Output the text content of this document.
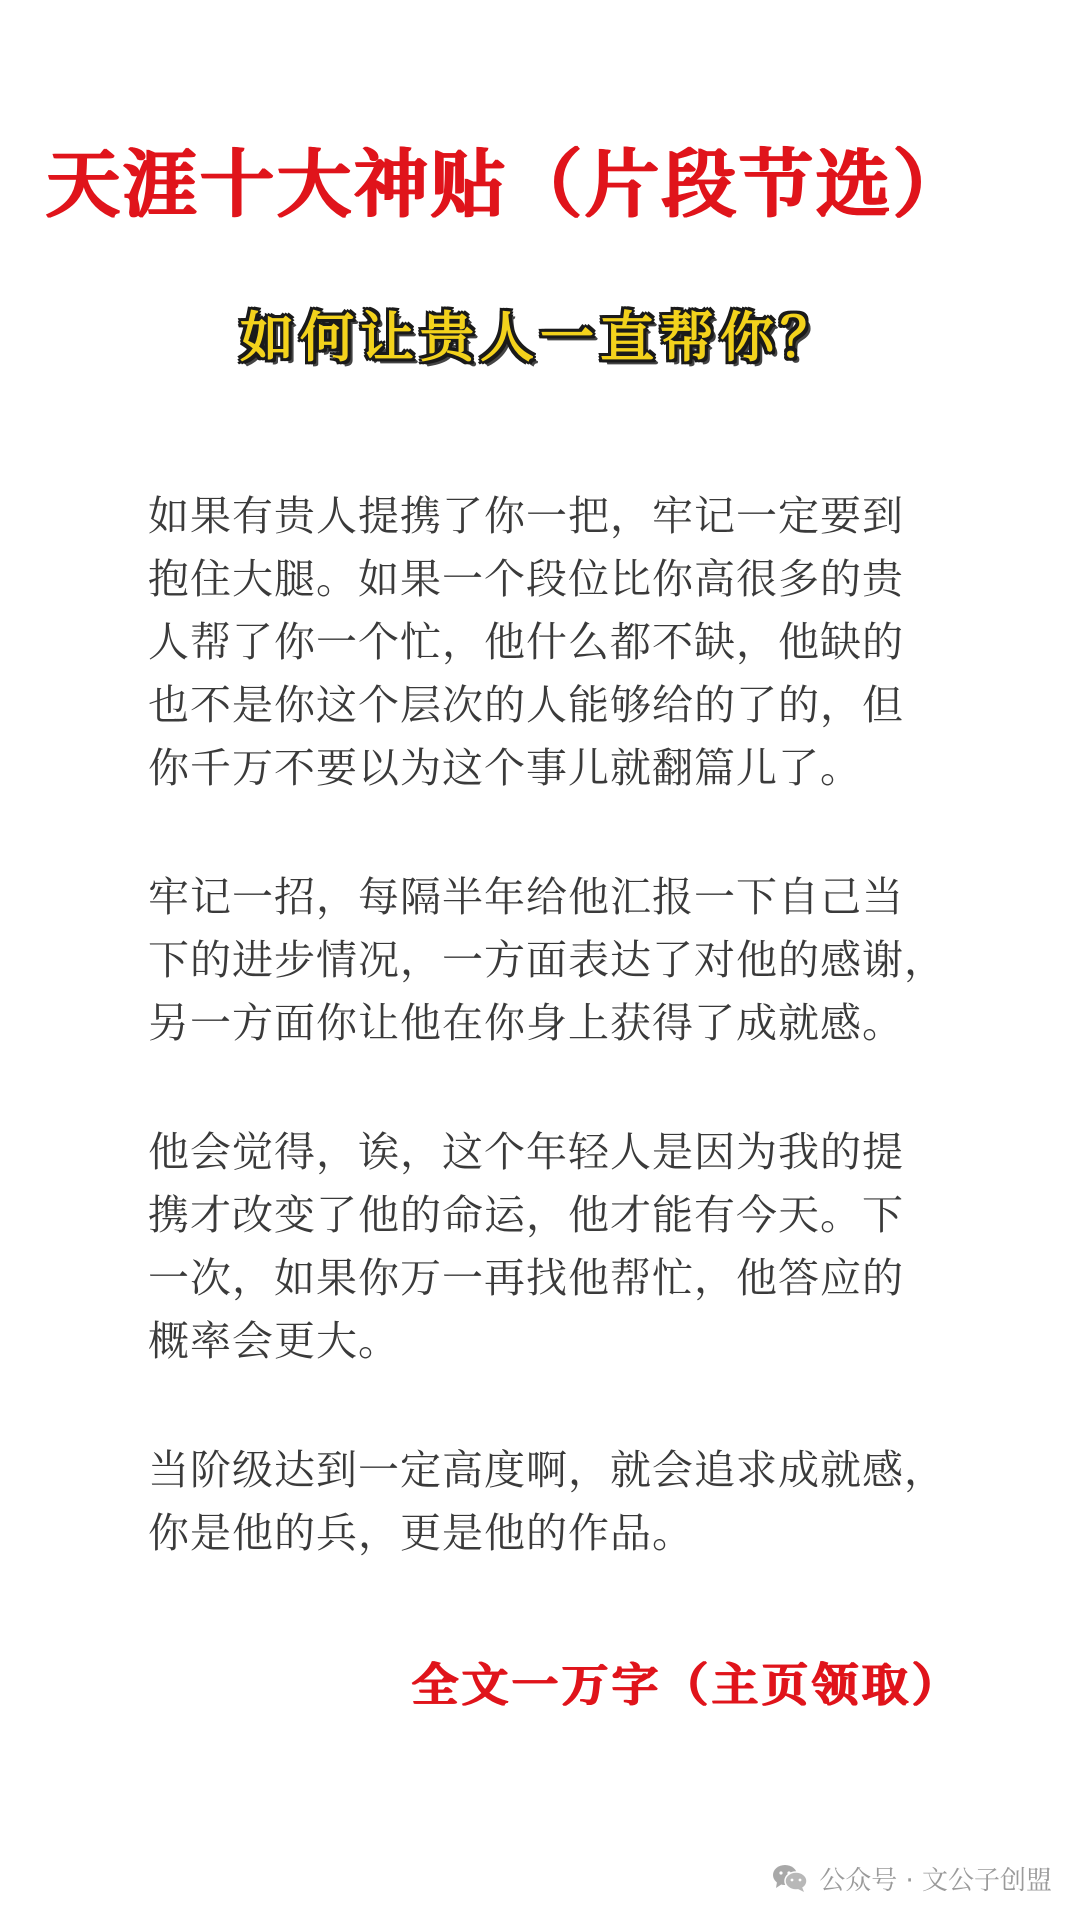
天涯十大神贴（片段节选）
如何让贵人一直帮你？

如果有贵人提携了你一把，牢记一定要到
抱住大腿。如果一个段位比你高很多的贵
人帮了你一个忙，他什么都不缺，他缺的
也不是你这个层次的人能够给的了的，但
你千万不要以为这个事儿就翻篇儿了。

牢记一招，每隔半年给他汇报一下自己当
下的进步情况，一方面表达了对他的感谢，
另一方面你让他在你身上获得了成就感。

他会觉得，诶，这个年轻人是因为我的提
携才改变了他的命运，他才能有今天。下
一次，如果你万一再找他帮忙，他答应的
概率会更大。

当阶级达到一定高度啊，就会追求成就感，
你是他的兵，更是他的作品。

全文一万字（主页领取）
公众号 · 文公子创盟
